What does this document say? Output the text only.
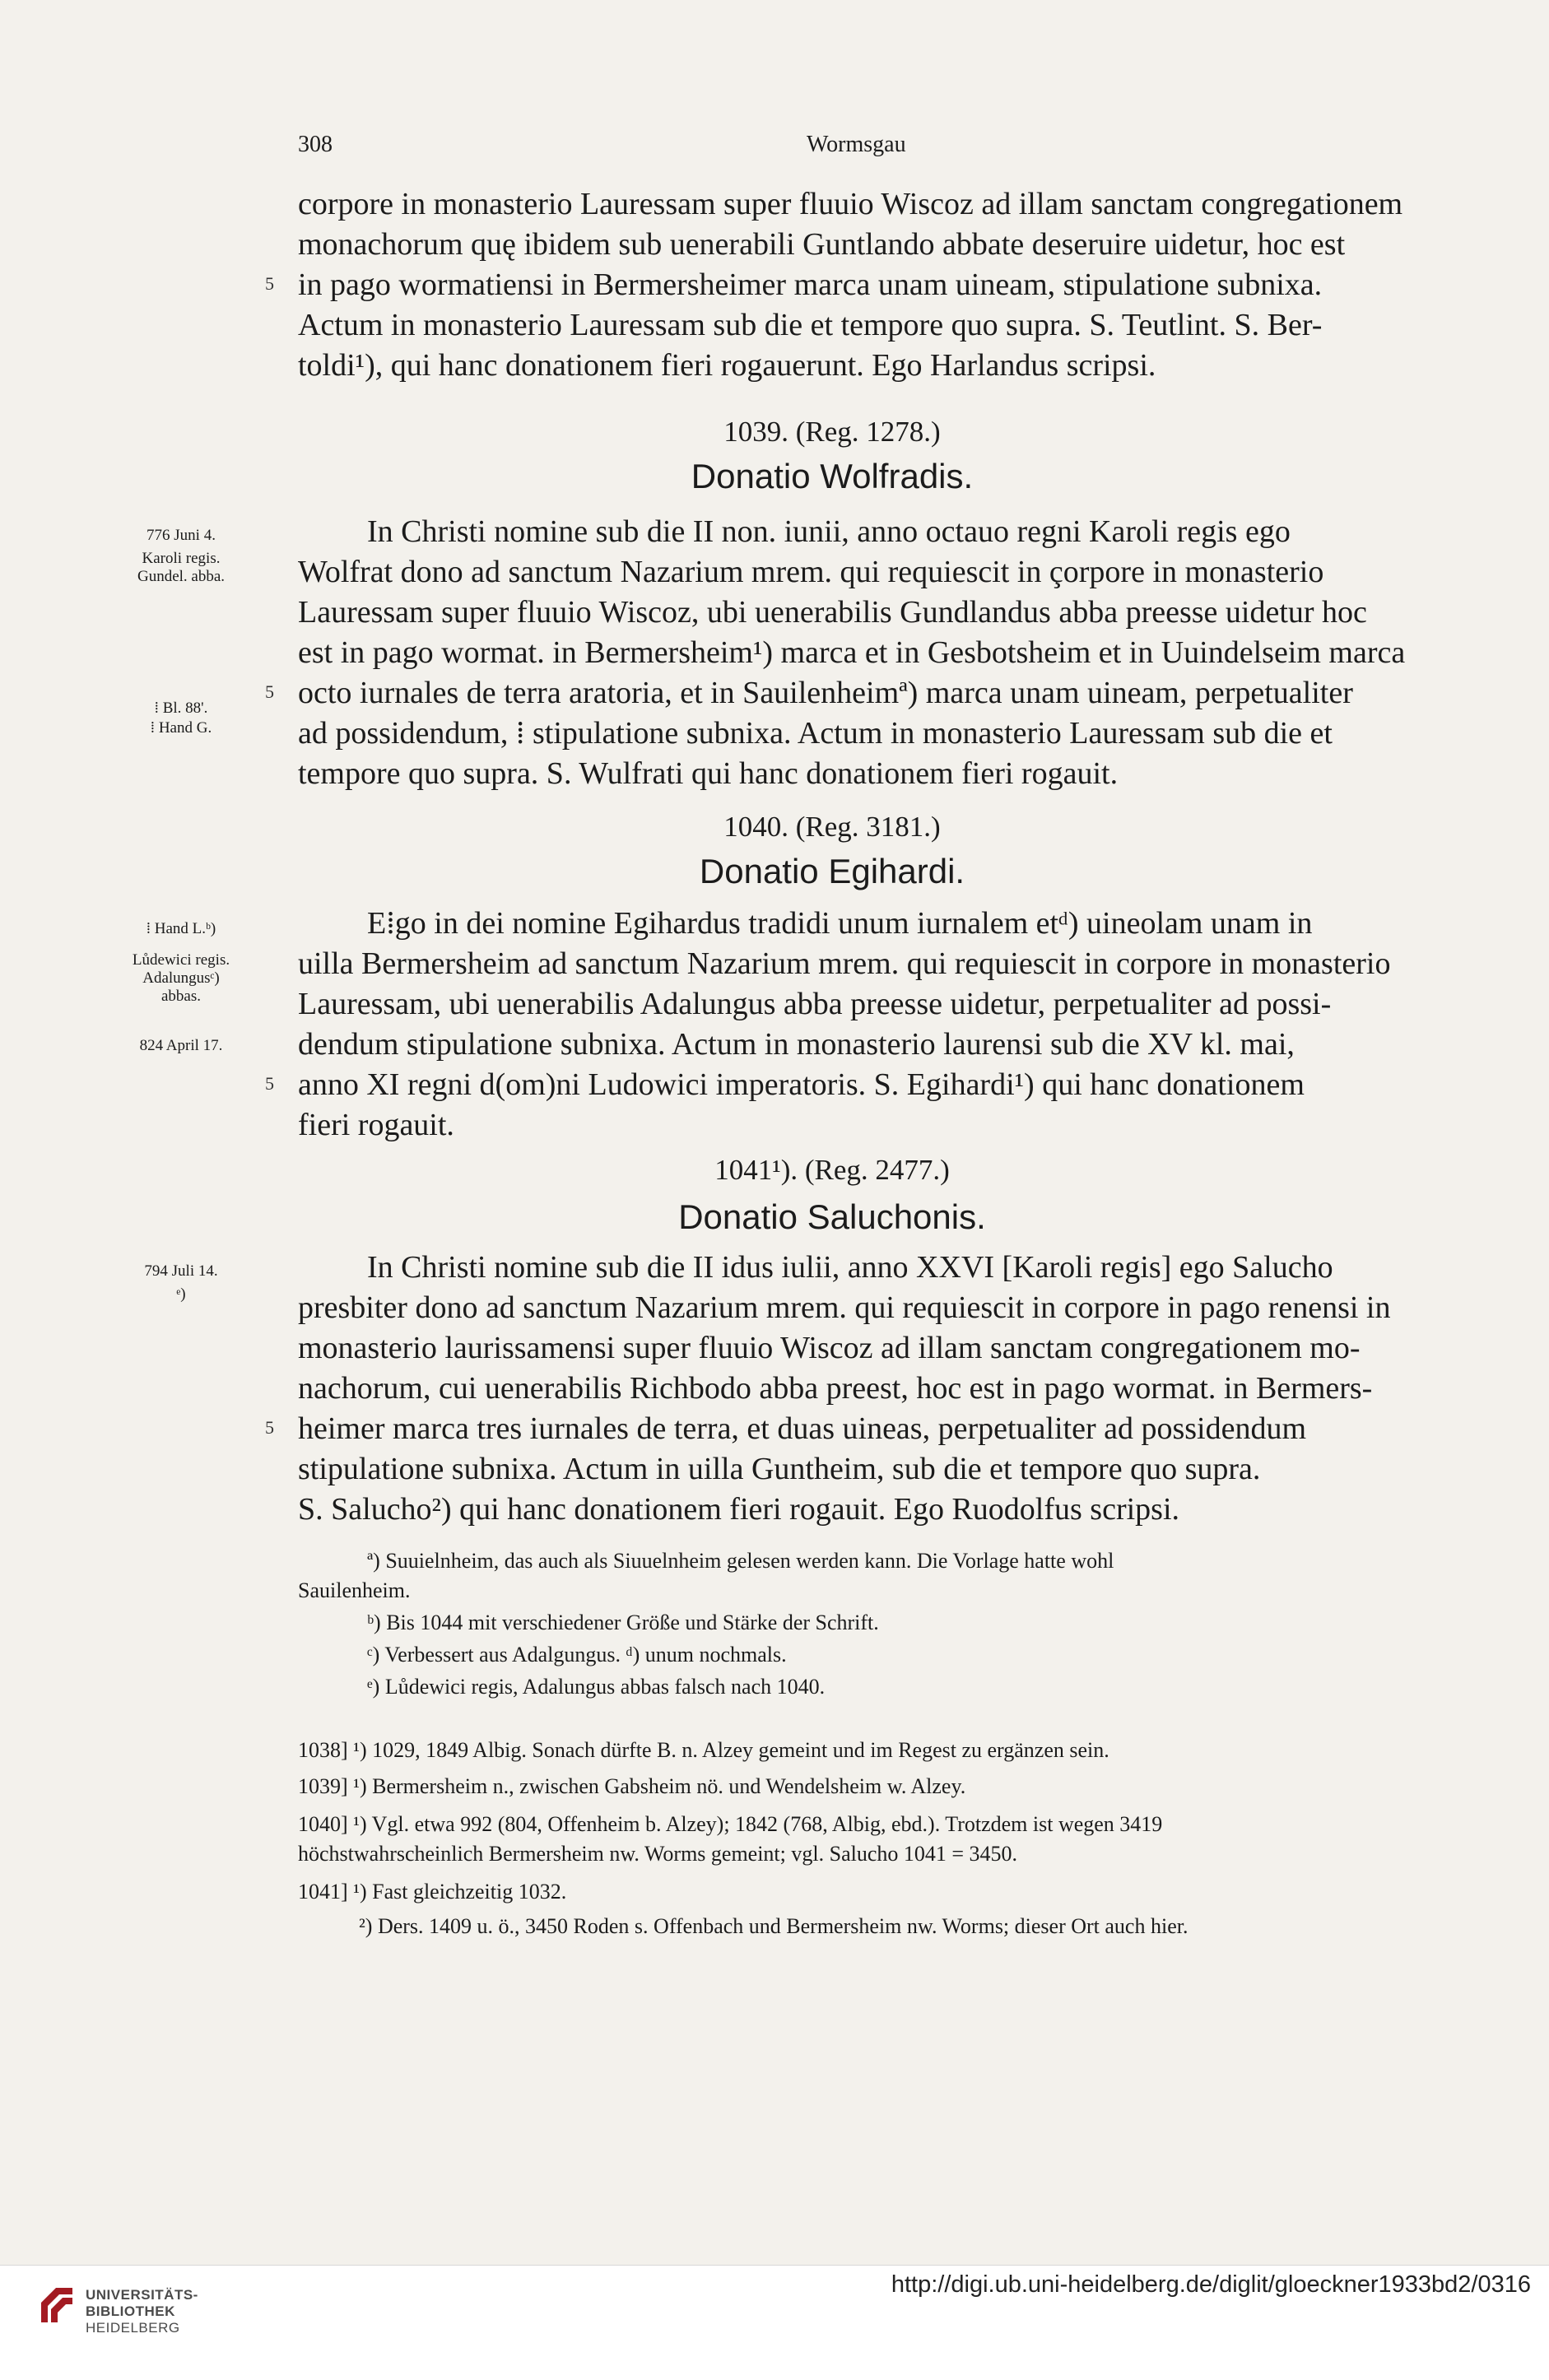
308	Wormsgau
corpore in monasterio Lauressam super fluuio Wiscoz ad illam sanctam congregationem
monachorum quę ibidem sub uenerabili Guntlando abbate deseruire uidetur, hoc est
in pago wormatiensi in Bermersheimer marca unam uineam, stipulatione subnixa.
5
Actum in monasterio Lauressam sub die et tempore quo supra. S. Teutlint. S. Ber-
toldi¹), qui hanc donationem fieri rogauerunt. Ego Harlandus scripsi.
1039. (Reg. 1278.)
Donatio Wolfradis.
In Christi nomine sub die II non. iunii, anno octauo regni Karoli regis ego
Wolfrat dono ad sanctum Nazarium mrem. qui requiescit in çorpore in monasterio
Lauressam super fluuio Wiscoz, ubi uenerabilis Gundlandus abba preesse uidetur hoc
est in pago wormat. in Bermersheim¹) marca et in Gesbotsheim et in Uuindelseim marca
octo iurnales de terra aratoria, et in Sauilenheimª) marca unam uineam, perpetualiter
5
ad possidendum, ⁞ stipulatione subnixa. Actum in monasterio Lauressam sub die et
tempore quo supra. S. Wulfrati qui hanc donationem fieri rogauit.
776 Juni 4.
Karoli regis.
Gundel. abba.
⁞ Bl. 88'.
⁞ Hand G.
1040. (Reg. 3181.)
Donatio Egihardi.
E⁞go in dei nomine Egihardus tradidi unum iurnalem etᵈ) uineolam unam in
uilla Bermersheim ad sanctum Nazarium mrem. qui requiescit in corpore in monasterio
Lauressam, ubi uenerabilis Adalungus abba preesse uidetur, perpetualiter ad possi-
dendum stipulatione subnixa. Actum in monasterio laurensi sub die XV kl. mai,
anno XI regni d(om)ni Ludowici imperatoris. S. Egihardi¹) qui hanc donationem
5
fieri rogauit.
⁞ Hand L.ᵇ)
Lůdewici regis.
Adalungusᶜ)
abbas.
824 April 17.
1041¹). (Reg. 2477.)
Donatio Saluchonis.
In Christi nomine sub die II idus iulii, anno XXVI [Karoli regis] ego Salucho
presbiter dono ad sanctum Nazarium mrem. qui requiescit in corpore in pago renensi in
monasterio laurissamensi super fluuio Wiscoz ad illam sanctam congregationem mo-
nachorum, cui uenerabilis Richbodo abba preest, hoc est in pago wormat. in Bermers-
heimer marca tres iurnales de terra, et duas uineas, perpetualiter ad possidendum
5
stipulatione subnixa. Actum in uilla Guntheim, sub die et tempore quo supra.
S. Salucho²) qui hanc donationem fieri rogauit. Ego Ruodolfus scripsi.
794 Juli 14.
ᵉ)
ª) Suuielnheim, das auch als Siuuelnheim gelesen werden kann. Die Vorlage hatte wohl
Sauilenheim.
ᵇ) Bis 1044 mit verschiedener Größe und Stärke der Schrift.
ᶜ) Verbessert aus Adalgungus. ᵈ) unum nochmals.
ᵉ) Lůdewici regis, Adalungus abbas falsch nach 1040.
1038] ¹) 1029, 1849 Albig. Sonach dürfte B. n. Alzey gemeint und im Regest zu ergänzen sein.
1039] ¹) Bermersheim n., zwischen Gabsheim nö. und Wendelsheim w. Alzey.
1040] ¹) Vgl. etwa 992 (804, Offenheim b. Alzey); 1842 (768, Albig, ebd.). Trotzdem ist wegen 3419
höchstwahrscheinlich Bermersheim nw. Worms gemeint; vgl. Salucho 1041 = 3450.
1041] ¹) Fast gleichzeitig 1032.
²) Ders. 1409 u. ö., 3450 Roden s. Offenbach und Bermersheim nw. Worms; dieser Ort auch hier.
UNIVERSITÄTS-
BIBLIOTHEK
HEIDELBERG
http://digi.ub.uni-heidelberg.de/diglit/gloeckner1933bd2/0316
